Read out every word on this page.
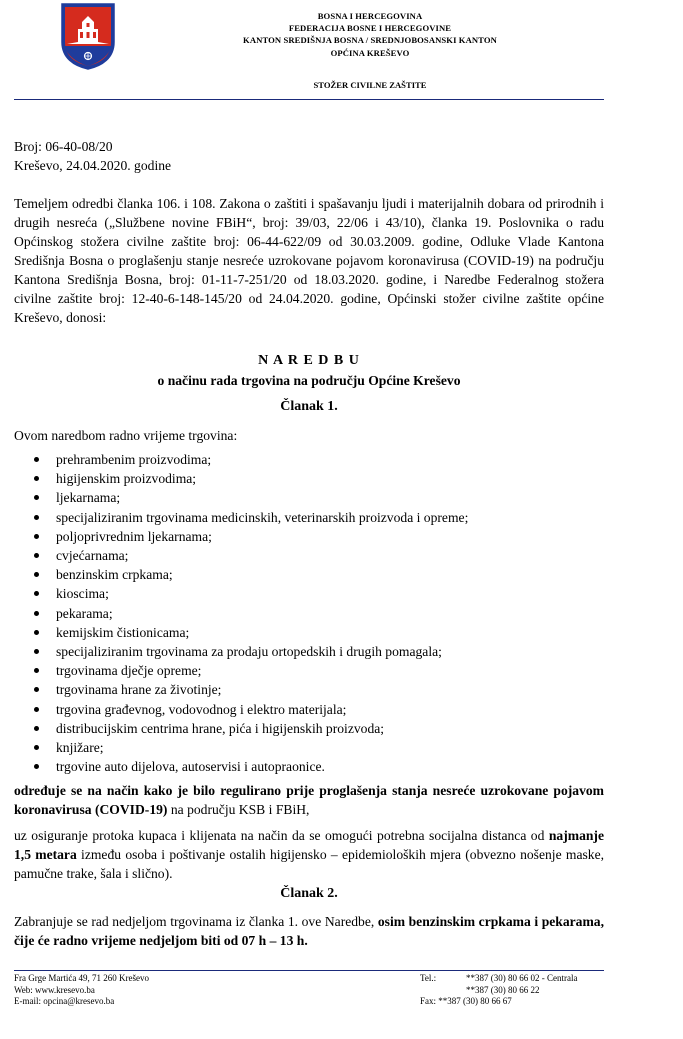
BOSNA I HERCEGOVINA
FEDERACIJA BOSNE I HERCEGOVINE
KANTON SREDIŠNJA BOSNA / SREDNJOBOSANSKI KANTON
OPĆINA KREŠEVO
STOŽER CIVILNE ZAŠTITE
Broj: 06-40-08/20
Kreševo, 24.04.2020. godine
Temeljem odredbi članka 106. i 108. Zakona o zaštiti i spašavanju ljudi i materijalnih dobara od prirodnih i drugih nesreća („Službene novine FBiH“, broj: 39/03, 22/06 i 43/10), članka 19. Poslovnika o radu Općinskog stožera civilne zaštite broj: 06-44-622/09 od 30.03.2009. godine, Odluke Vlade Kantona Središnja Bosna o proglašenju stanje nesreće uzrokovane pojavom koronavirusa (COVID-19) na području Kantona Središnja Bosna, broj: 01-11-7-251/20 od 18.03.2020. godine, i Naredbe Federalnog stožera civilne zaštite broj: 12-40-6-148-145/20 od 24.04.2020. godine, Općinski stožer civilne zaštite općine Kreševo, donosi:
N A R E D B U
o načinu rada trgovina na području Općine Kreševo
Članak 1.
Ovom naredbom radno vrijeme trgovina:
prehrambenim proizvodima;
higijenskim proizvodima;
ljekarnama;
specijaliziranim trgovinama medicinskih, veterinarskih proizvoda i opreme;
poljoprivrednim ljekarnama;
cvjećarnama;
benzinskim crpkama;
kioscima;
pekarama;
kemijskim čistionicama;
specijaliziranim trgovinama za prodaju ortopedskih i drugih pomagala;
trgovinama dječje opreme;
trgovinama hrane za životinje;
trgovina građevnog, vodovodnog i elektro materijala;
distribucijskim centrima hrane, pića i higijenskih proizvoda;
knjižare;
trgovine auto dijelova, autoservisi i autopraonice.
određuje se na način kako je bilo regulirano prije proglašenja stanja nesreće uzrokovane pojavom koronavirusa (COVID-19) na području KSB i FBiH,
uz osiguranje protoka kupaca i klijenata na način da se omogući potrebna socijalna distanca od najmanje 1,5 metara između osoba i poštivanje ostalih higijensko – epidemioloških mjera (obvezno nošenje maske, pamučne trake, šala i slično).
Članak 2.
Zabranjuje se rad nedjeljom trgovinama iz članka 1. ove Naredbe, osim benzinskim crpkama i pekarama, čije će radno vrijeme nedjeljom biti od 07 h – 13 h.
Fra Grge Martića 49, 71 260 Kreševo
Web: www.kresevo.ba
E-mail: opcina@kresevo.ba
Tel.:	**387 (30) 80 66 02 - Centrala
**387 (30) 80 66 22
Fax:
**387 (30) 80 66 67
